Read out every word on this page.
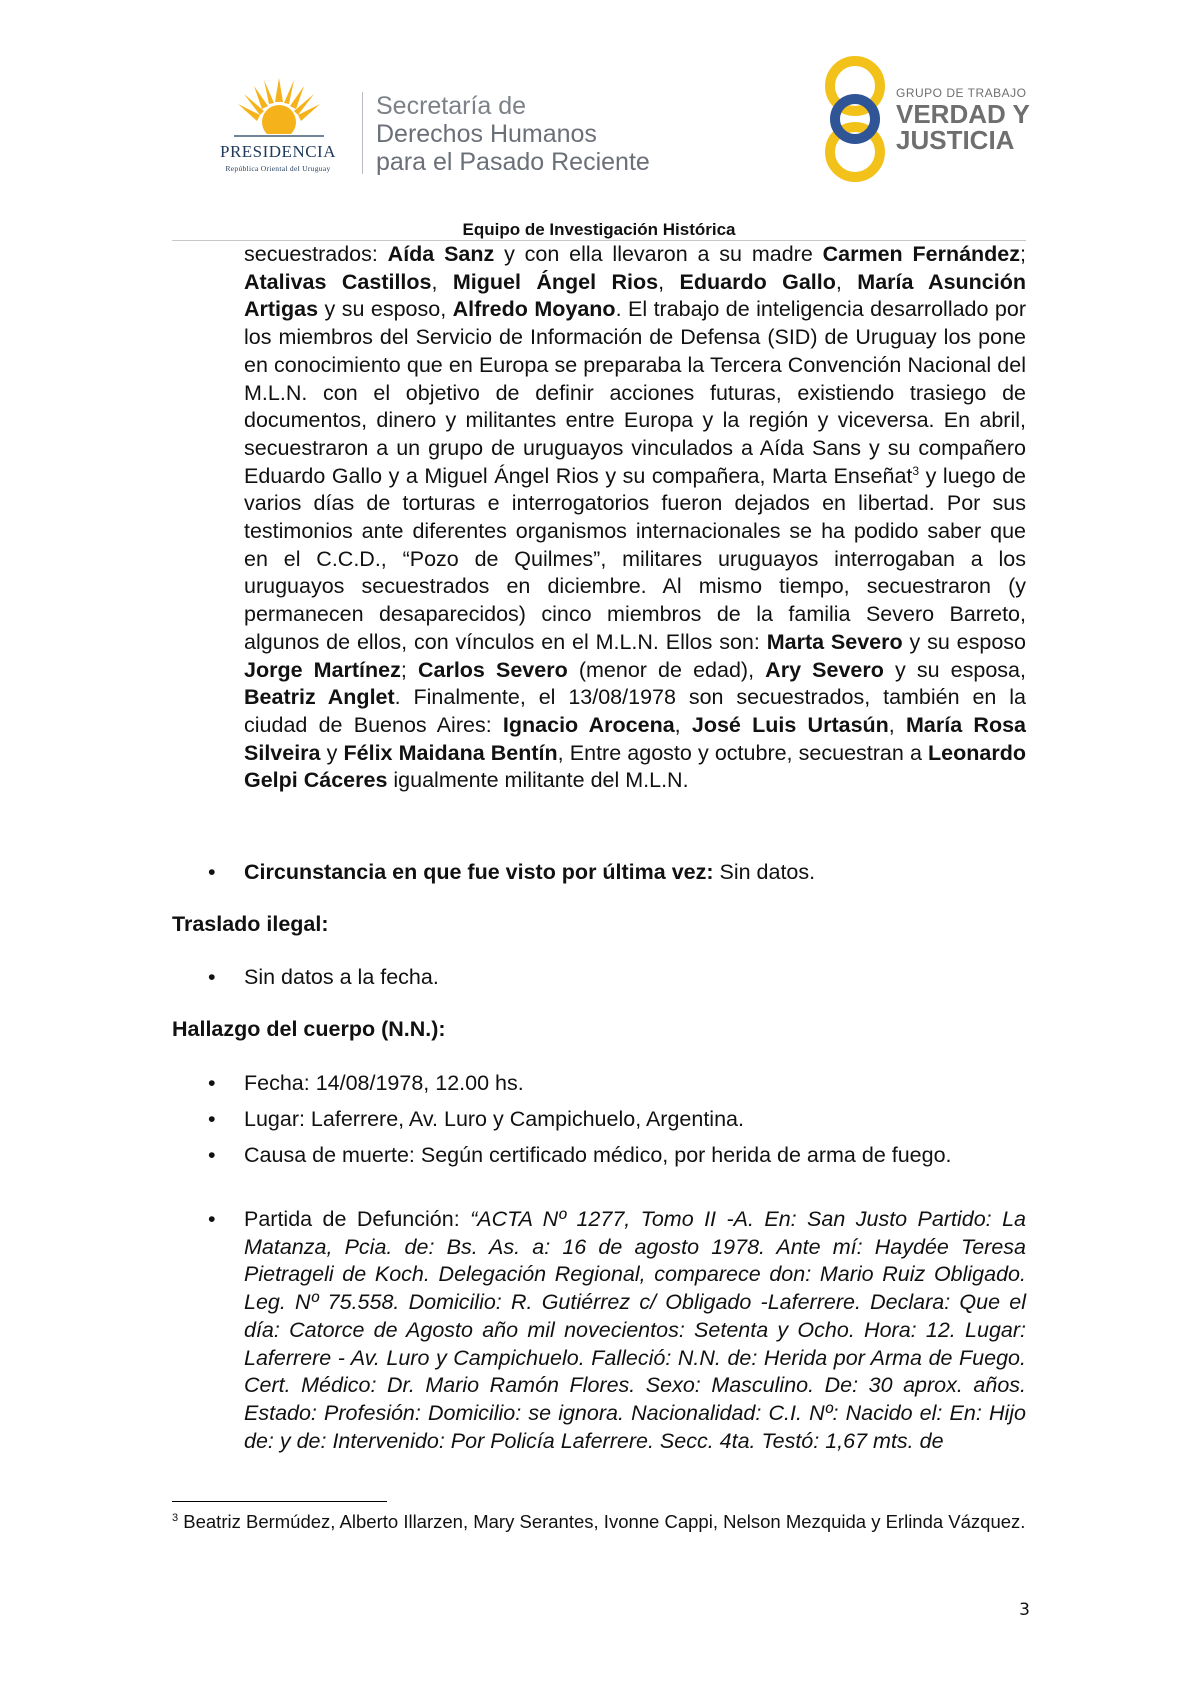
PRESIDENCIA
República Oriental del Uruguay
Secretaría de
Derechos Humanos
para el Pasado Reciente
GRUPO DE TRABAJO
VERDAD Y
JUSTICIA
Equipo de Investigación Histórica
secuestrados: Aída Sanz y con ella llevaron a su madre Carmen Fernández; Atalivas Castillos, Miguel Ángel Rios, Eduardo Gallo, María Asunción Artigas y su esposo, Alfredo Moyano. El trabajo de inteligencia desarrollado por los miembros del Servicio de Información de Defensa (SID) de Uruguay los pone en conocimiento que en Europa se preparaba la Tercera Convención Nacional del M.L.N. con el objetivo de definir acciones futuras, existiendo trasiego de documentos, dinero y militantes entre Europa y la región y viceversa. En abril, secuestraron a un grupo de uruguayos vinculados a Aída Sans y su compañero Eduardo Gallo y a Miguel Ángel Rios y su compañera, Marta Enseñat$^3$ y luego de varios días de torturas e interrogatorios fueron dejados en libertad. Por sus testimonios ante diferentes organismos internacionales se ha podido saber que en el C.C.D., “Pozo de Quilmes”, militares uruguayos interrogaban a los uruguayos secuestrados en diciembre. Al mismo tiempo, secuestraron (y permanecen desaparecidos) cinco miembros de la familia Severo Barreto, algunos de ellos, con vínculos en el M.L.N. Ellos son: Marta Severo y su esposo Jorge Martínez; Carlos Severo (menor de edad), Ary Severo y su esposa, Beatriz Anglet. Finalmente, el 13/08/1978 son secuestrados, también en la ciudad de Buenos Aires: Ignacio Arocena, José Luis Urtasún, María Rosa Silveira y Félix Maidana Bentín, Entre agosto y octubre, secuestran a Leonardo Gelpi Cáceres igualmente militante del M.L.N.
• Circunstancia en que fue visto por última vez: Sin datos.
Traslado ilegal:
• Sin datos a la fecha.
Hallazgo del cuerpo (N.N.):
• Fecha: 14/08/1978, 12.00 hs.
• Lugar: Laferrere, Av. Luro y Campichuelo, Argentina.
• Causa de muerte: Según certificado médico, por herida de arma de fuego.
• Partida de Defunción: “ACTA Nº 1277, Tomo II -A. En: San Justo Partido: La Matanza, Pcia. de: Bs. As. a: 16 de agosto 1978. Ante mí: Haydée Teresa Pietrageli de Koch. Delegación Regional, comparece don: Mario Ruiz Obligado. Leg. Nº 75.558. Domicilio: R. Gutiérrez c/ Obligado -Laferrere. Declara: Que el día: Catorce de Agosto año mil novecientos: Setenta y Ocho. Hora: 12. Lugar: Laferrere - Av. Luro y Campichuelo. Falleció: N.N. de: Herida por Arma de Fuego. Cert. Médico: Dr. Mario Ramón Flores. Sexo: Masculino. De: 30 aprox. años. Estado: Profesión: Domicilio: se ignora. Nacionalidad: C.I. Nº: Nacido el: En: Hijo de: y de: Intervenido: Por Policía Laferrere. Secc. 4ta. Testó: 1,67 mts. de
$^3$ Beatriz Bermúdez, Alberto Illarzen, Mary Serantes, Ivonne Cappi, Nelson Mezquida y Erlinda Vázquez.
3
